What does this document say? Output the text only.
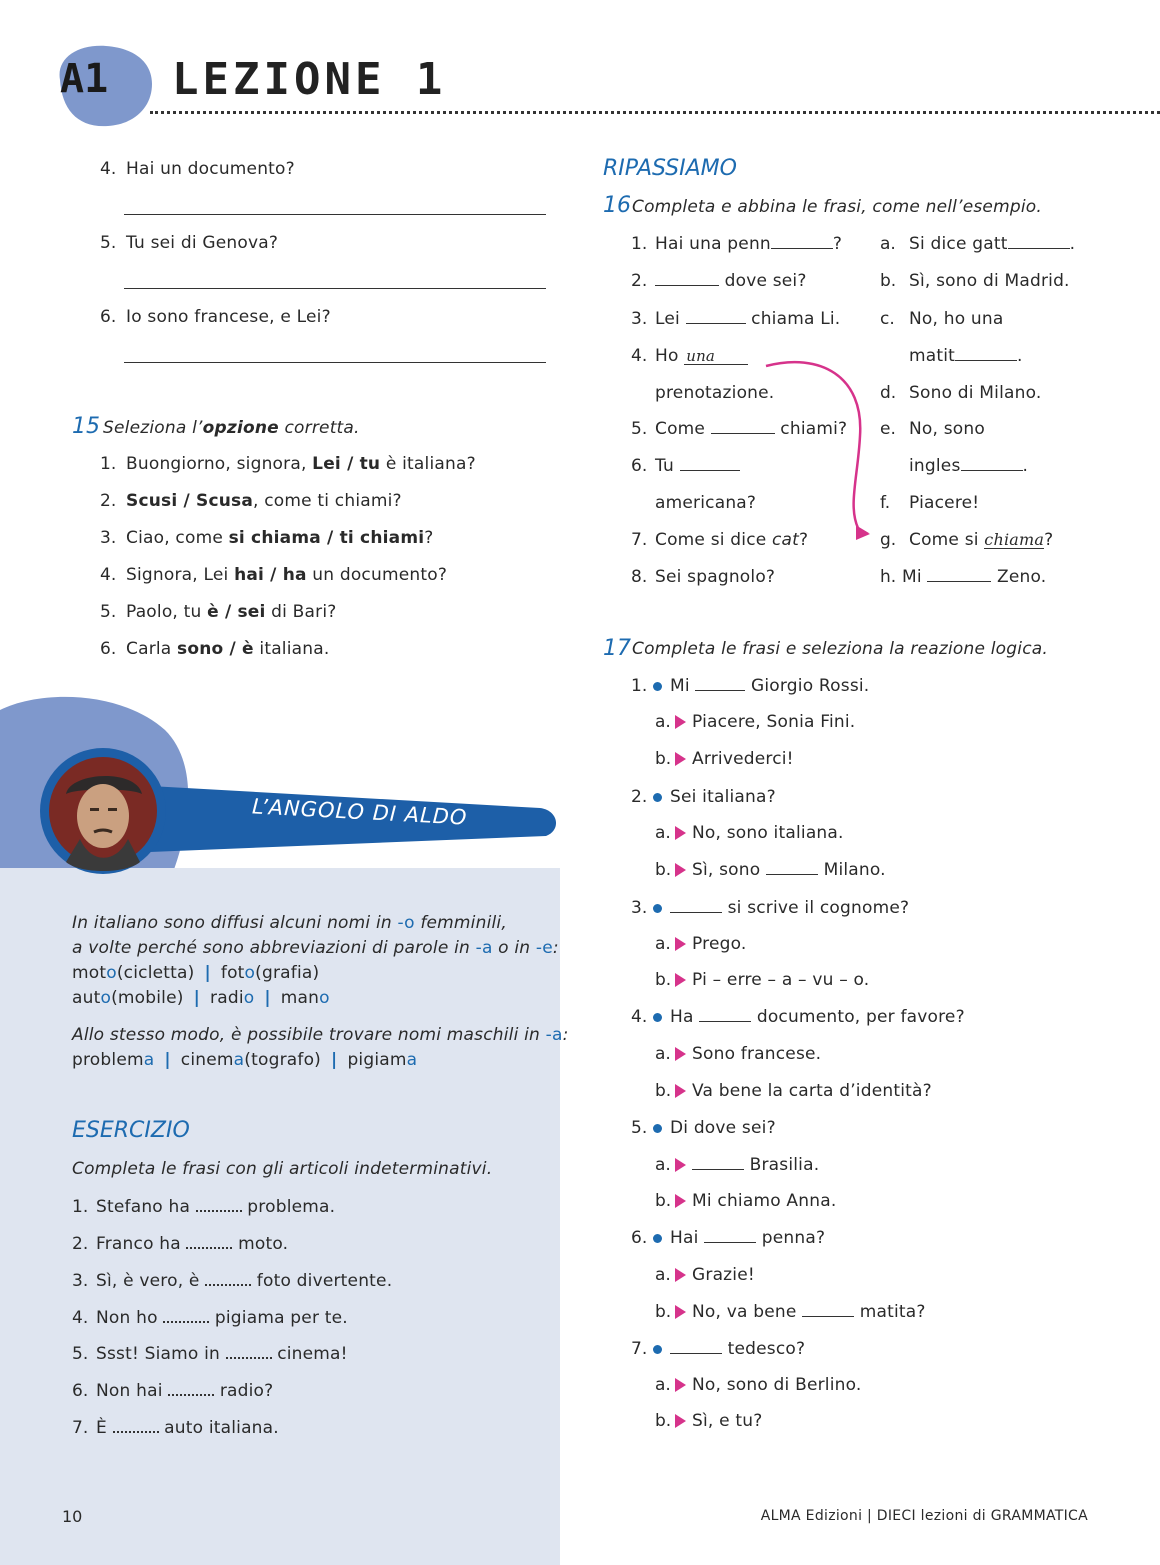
A1 LEZIONE 1
4. Hai un documento?
5. Tu sei di Genova?
6. Io sono francese, e Lei?
15 Seleziona l’opzione corretta.
1. Buongiorno, signora, Lei / tu è italiana?
2. Scusi / Scusa, come ti chiami?
3. Ciao, come si chiama / ti chiami?
4. Signora, Lei hai / ha un documento?
5. Paolo, tu è / sei di Bari?
6. Carla sono / è italiana.
L’ANGOLO DI ALDO
In italiano sono diffusi alcuni nomi in -o femminili,
a volte perché sono abbreviazioni di parole in -a o in -e:
moto(cicletta) | foto(grafia)
auto(mobile) | radio | mano
Allo stesso modo, è possibile trovare nomi maschili in -a:
problema | cinema(tografo) | pigiama
ESERCIZIO
Completa le frasi con gli articoli indeterminativi.
1. Stefano ha	problema.
2. Franco ha	moto.
3. Sì, è vero, è	foto divertente.
4. Non ho	pigiama per te.
5. Ssst! Siamo in	cinema!
6. Non hai	radio?
7. È	auto italiana.
RIPASSIAMO
16 Completa e abbina le frasi, come nell’esempio.
1. Hai una penn	?
2.	dove sei?
3. Lei	chiama Li.
4. Ho una
prenotazione.
5. Come	chiami?
6. Tu
americana?
7. Come si dice cat?
8. Sei spagnolo?
a. Si dice gatt	.
b. Sì, sono di Madrid.
c. No, ho una
matit	.
d. Sono di Milano.
e. No, sono
ingles	.
f. Piacere!
g. Come si chiama?
h. Mi	Zeno.
17 Completa le frasi e seleziona la reazione logica.
1.	Mi	Giorgio Rossi.
a.	Piacere, Sonia Fini.
b.	Arrivederci!
2.	Sei italiana?
a.	No, sono italiana.
b.	Sì, sono	Milano.
3.	si scrive il cognome?
a.	Prego.
b.	Pi – erre – a – vu – o.
4.	Ha	documento, per favore?
a.	Sono francese.
b.	Va bene la carta d’identità?
5.	Di dove sei?
a.	Brasilia.
b.	Mi chiamo Anna.
6.	Hai	penna?
a.	Grazie!
b.	No, va bene	matita?
7.	tedesco?
a.	No, sono di Berlino.
b.	Sì, e tu?
10	ALMA Edizioni | DIECI lezioni di GRAMMATICA
